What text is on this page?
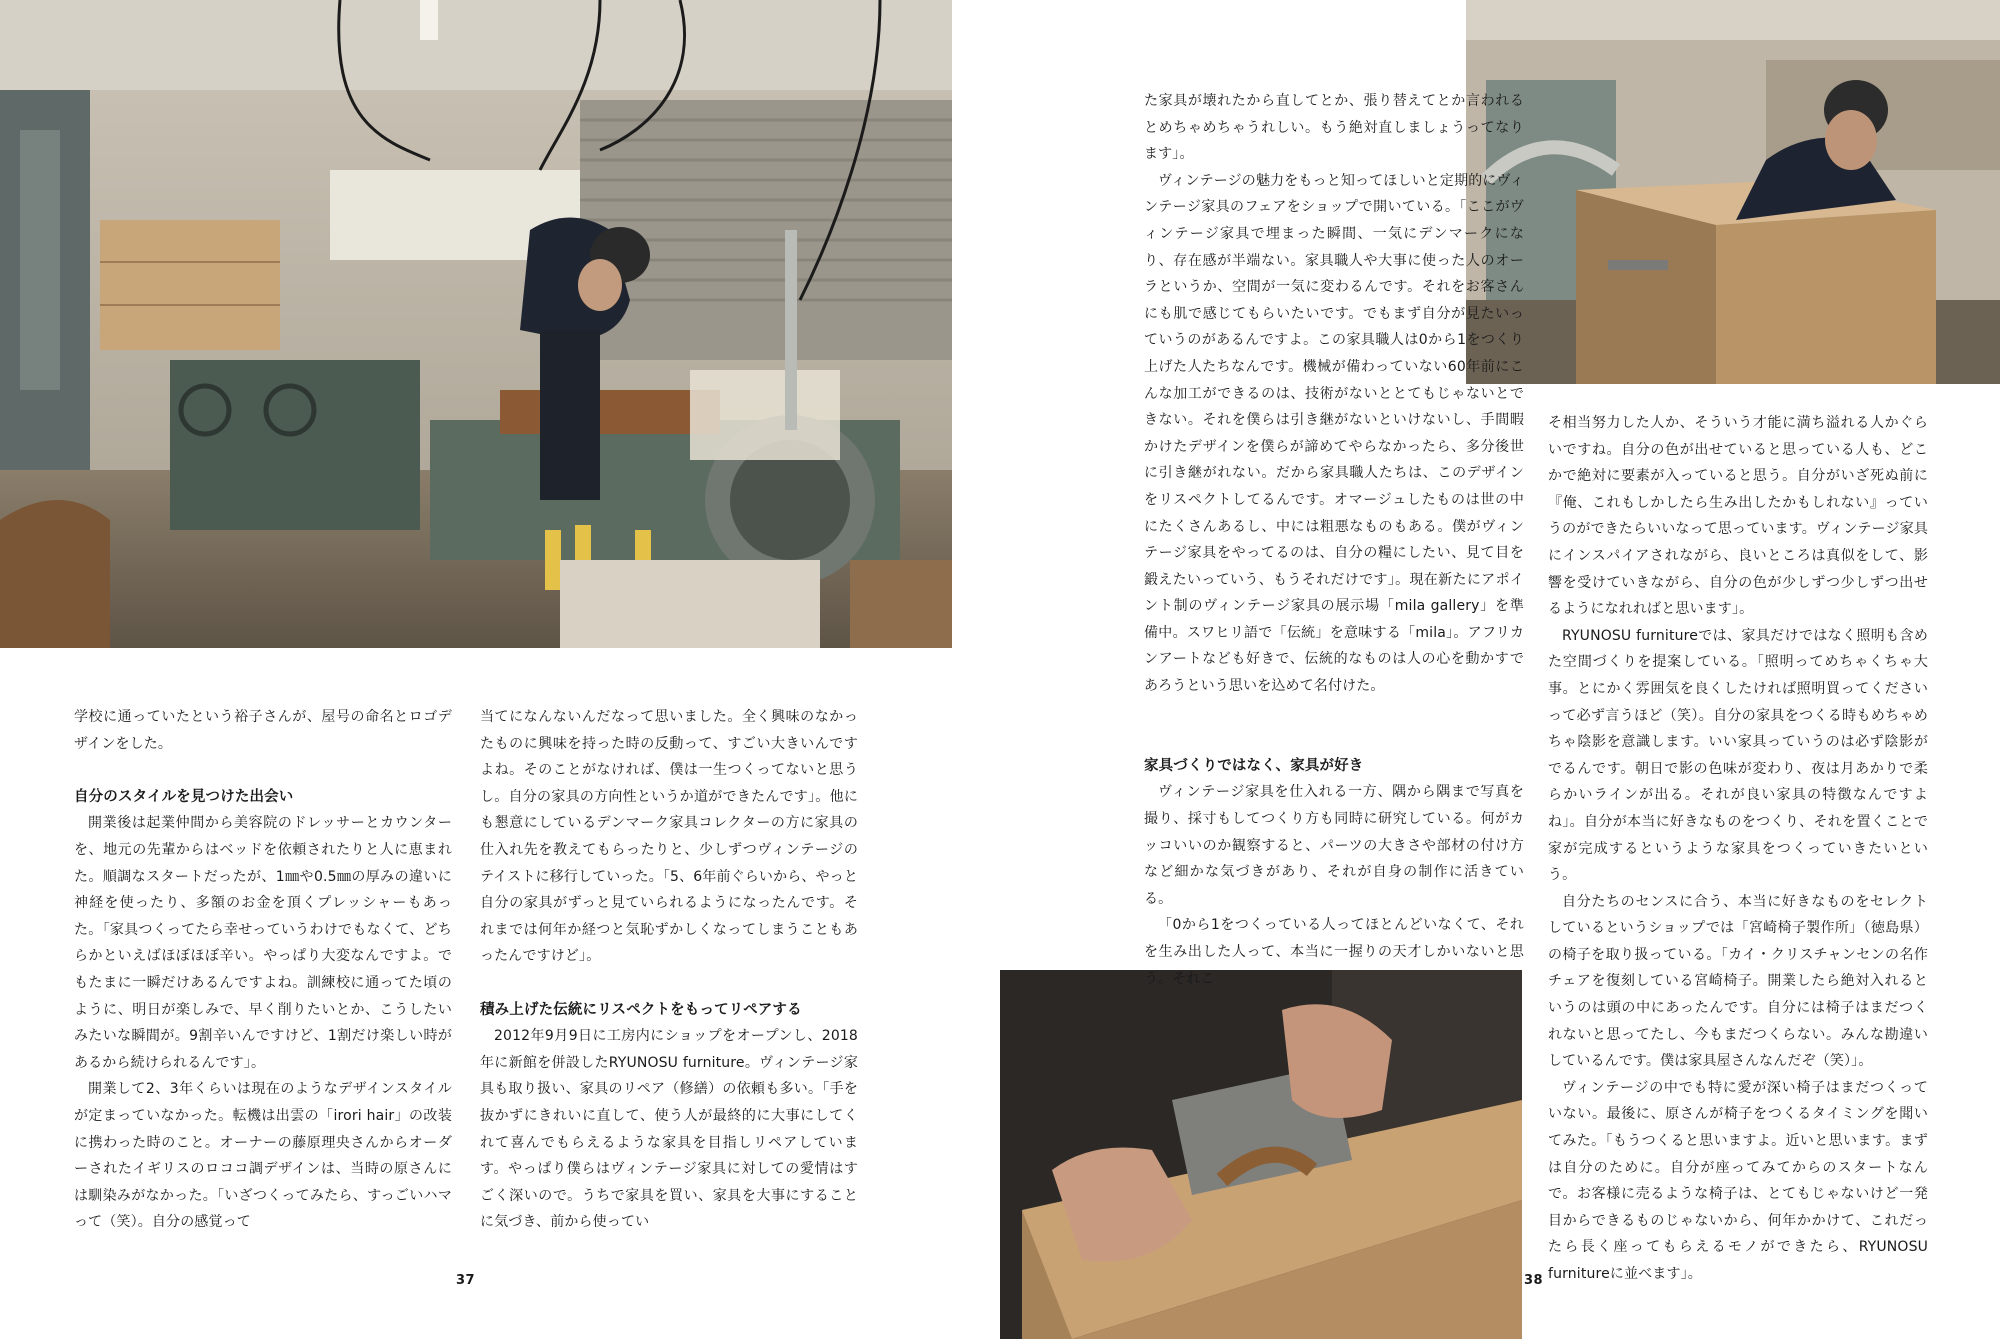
学校に通っていたという裕子さんが、屋号の命名とロゴデザインをした。

自分のスタイルを見つけた出会い

開業後は起業仲間から美容院のドレッサーとカウンターを、地元の先輩からはベッドを依頼されたりと人に恵まれた。順調なスタートだったが、1㎜や0.5㎜の厚みの違いに神経を使ったり、多額のお金を頂くプレッシャーもあった。「家具つくってたら幸せっていうわけでもなくて、どちらかといえばほぼほぼ辛い。やっぱり大変なんですよ。でもたまに一瞬だけあるんですよね。訓練校に通ってた頃のように、明日が楽しみで、早く削りたいとか、こうしたいみたいな瞬間が。9割辛いんですけど、1割だけ楽しい時があるから続けられるんです」。

開業して2、3年くらいは現在のようなデザインスタイルが定まっていなかった。転機は出雲の「irori hair」の改装に携わった時のこと。オーナーの藤原理央さんからオーダーされたイギリスのロココ調デザインは、当時の原さんには馴染みがなかった。「いざつくってみたら、すっごいハマって（笑）。自分の感覚って

当てになんないんだなって思いました。全く興味のなかったものに興味を持った時の反動って、すごい大きいんですよね。そのことがなければ、僕は一生つくってないと思うし。自分の家具の方向性というか道ができたんです」。他にも懇意にしているデンマーク家具コレクターの方に家具の仕入れ先を教えてもらったりと、少しずつヴィンテージのテイストに移行していった。「5、6年前ぐらいから、やっと自分の家具がずっと見ていられるようになったんです。それまでは何年か経つと気恥ずかしくなってしまうこともあったんですけど」。

積み上げた伝統にリスペクトをもってリペアする

2012年9月9日に工房内にショップをオープンし、2018年に新館を併設したRYUNOSU furniture。ヴィンテージ家具も取り扱い、家具のリペア（修繕）の依頼も多い。「手を抜かずにきれいに直して、使う人が最終的に大事にしてくれて喜んでもらえるような家具を目指しリペアしています。やっぱり僕らはヴィンテージ家具に対しての愛情はすごく深いので。うちで家具を買い、家具を大事にすることに気づき、前から使ってい

37

た家具が壊れたから直してとか、張り替えてとか言われるとめちゃめちゃうれしい。もう絶対直しましょうってなります」。

ヴィンテージの魅力をもっと知ってほしいと定期的にヴィンテージ家具のフェアをショップで開いている。「ここがヴィンテージ家具で埋まった瞬間、一気にデンマークになり、存在感が半端ない。家具職人や大事に使った人のオーラというか、空間が一気に変わるんです。それをお客さんにも肌で感じてもらいたいです。でもまず自分が見たいっていうのがあるんですよ。この家具職人は0から1をつくり上げた人たちなんです。機械が備わっていない60年前にこんな加工ができるのは、技術がないととてもじゃないとできない。それを僕らは引き継がないといけないし、手間暇かけたデザインを僕らが諦めてやらなかったら、多分後世に引き継がれない。だから家具職人たちは、このデザインをリスペクトしてるんです。オマージュしたものは世の中にたくさんあるし、中には粗悪なものもある。僕がヴィンテージ家具をやってるのは、自分の糧にしたい、見て目を鍛えたいっていう、もうそれだけです」。現在新たにアポイント制のヴィンテージ家具の展示場「mila gallery」を準備中。スワヒリ語で「伝統」を意味する「mila」。アフリカンアートなども好きで、伝統的なものは人の心を動かすであろうという思いを込めて名付けた。

家具づくりではなく、家具が好き

ヴィンテージ家具を仕入れる一方、隅から隅まで写真を撮り、採寸もしてつくり方も同時に研究している。何がカッコいいのか観察すると、パーツの大きさや部材の付け方など細かな気づきがあり、それが自身の制作に活きている。

「0から1をつくっている人ってほとんどいなくて、それを生み出した人って、本当に一握りの天才しかいないと思う。それこ

そ相当努力した人か、そういう才能に満ち溢れる人かぐらいですね。自分の色が出せていると思っている人も、どこかで絶対に要素が入っていると思う。自分がいざ死ぬ前に『俺、これもしかしたら生み出したかもしれない』っていうのができたらいいなって思っています。ヴィンテージ家具にインスパイアされながら、良いところは真似をして、影響を受けていきながら、自分の色が少しずつ少しずつ出せるようになれればと思います」。

RYUNOSU furnitureでは、家具だけではなく照明も含めた空間づくりを提案している。「照明ってめちゃくちゃ大事。とにかく雰囲気を良くしたければ照明買ってくださいって必ず言うほど（笑）。自分の家具をつくる時もめちゃめちゃ陰影を意識します。いい家具っていうのは必ず陰影がでるんです。朝日で影の色味が変わり、夜は月あかりで柔らかいラインが出る。それが良い家具の特徴なんですよね」。自分が本当に好きなものをつくり、それを置くことで家が完成するというような家具をつくっていきたいという。

自分たちのセンスに合う、本当に好きなものをセレクトしているというショップでは「宮崎椅子製作所」（徳島県）の椅子を取り扱っている。「カイ・クリスチャンセンの名作チェアを復刻している宮崎椅子。開業したら絶対入れるというのは頭の中にあったんです。自分には椅子はまだつくれないと思ってたし、今もまだつくらない。みんな勘違いしているんです。僕は家具屋さんなんだぞ（笑）」。

ヴィンテージの中でも特に愛が深い椅子はまだつくっていない。最後に、原さんが椅子をつくるタイミングを聞いてみた。「もうつくると思いますよ。近いと思います。まずは自分のために。自分が座ってみてからのスタートなんで。お客様に売るような椅子は、とてもじゃないけど一発目からできるものじゃないから、何年かかけて、これだったら長く座ってもらえるモノができたら、RYUNOSU furnitureに並べます」。

38
